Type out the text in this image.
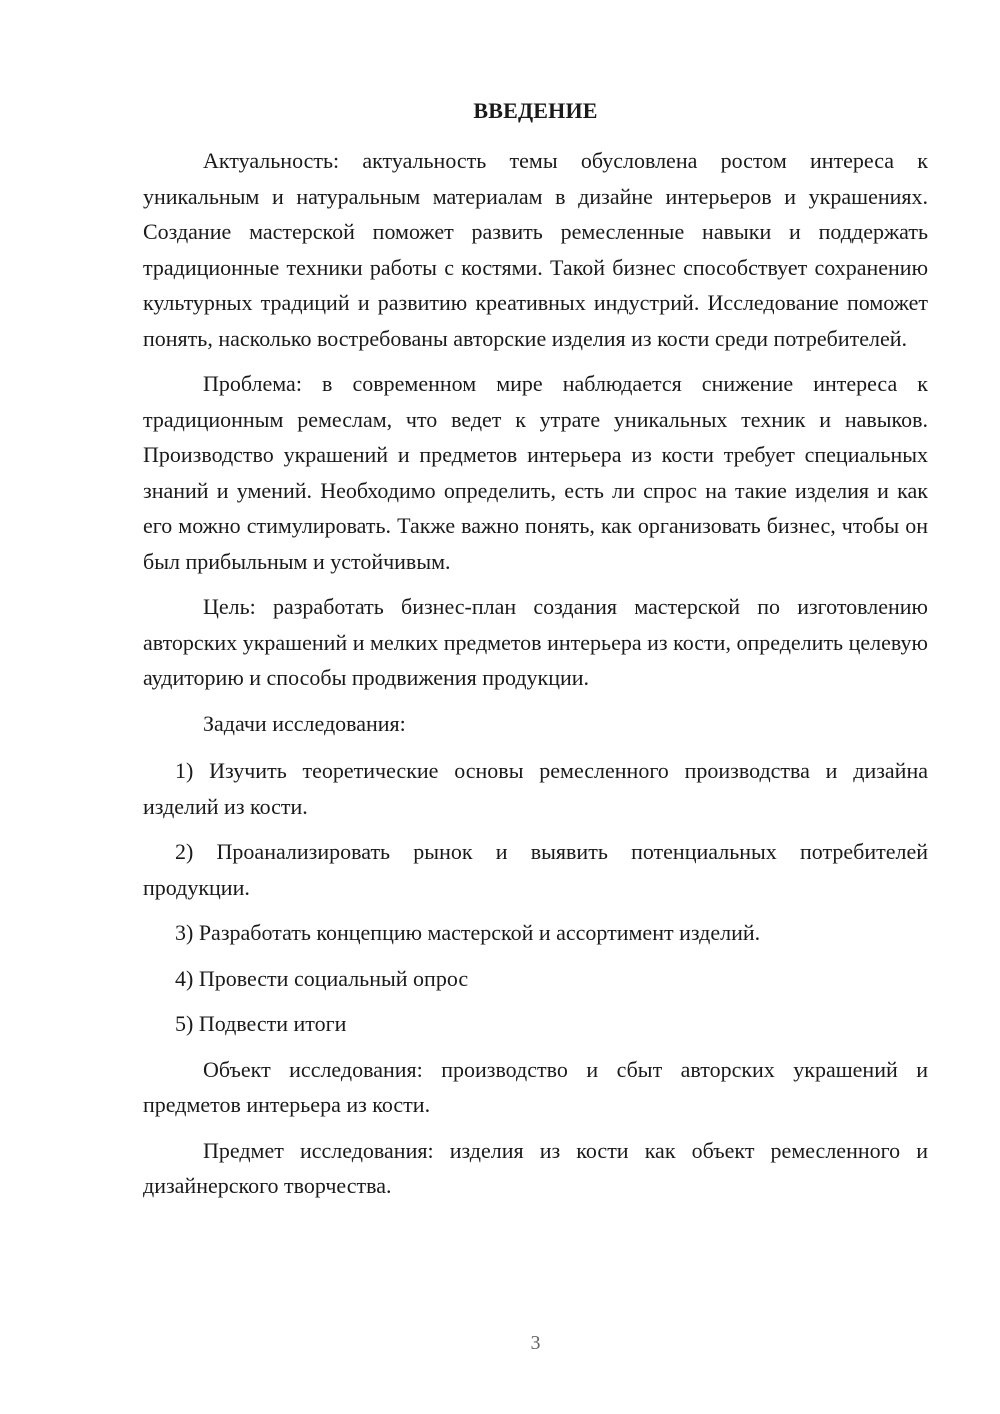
ВВЕДЕНИЕ

Актуальность: актуальность темы обусловлена ростом интереса к уникальным и натуральным материалам в дизайне интерьеров и украшениях. Создание мастерской поможет развить ремесленные навыки и поддержать традиционные техники работы с костями. Такой бизнес способствует сохранению культурных традиций и развитию креативных индустрий. Исследование поможет понять, насколько востребованы авторские изделия из кости среди потребителей.

Проблема: в современном мире наблюдается снижение интереса к традиционным ремеслам, что ведет к утрате уникальных техник и навыков. Производство украшений и предметов интерьера из кости требует специальных знаний и умений. Необходимо определить, есть ли спрос на такие изделия и как его можно стимулировать. Также важно понять, как организовать бизнес, чтобы он был прибыльным и устойчивым.

Цель: разработать бизнес-план создания мастерской по изготовлению авторских украшений и мелких предметов интерьера из кости, определить целевую аудиторию и способы продвижения продукции.

Задачи исследования:

1) Изучить теоретические основы ремесленного производства и дизайна изделий из кости.

2) Проанализировать рынок и выявить потенциальных потребителей продукции.

3) Разработать концепцию мастерской и ассортимент изделий.

4) Провести социальный опрос

5) Подвести итоги

Объект исследования: производство и сбыт авторских украшений и предметов интерьера из кости.

Предмет исследования: изделия из кости как объект ремесленного и дизайнерского творчества.

3
